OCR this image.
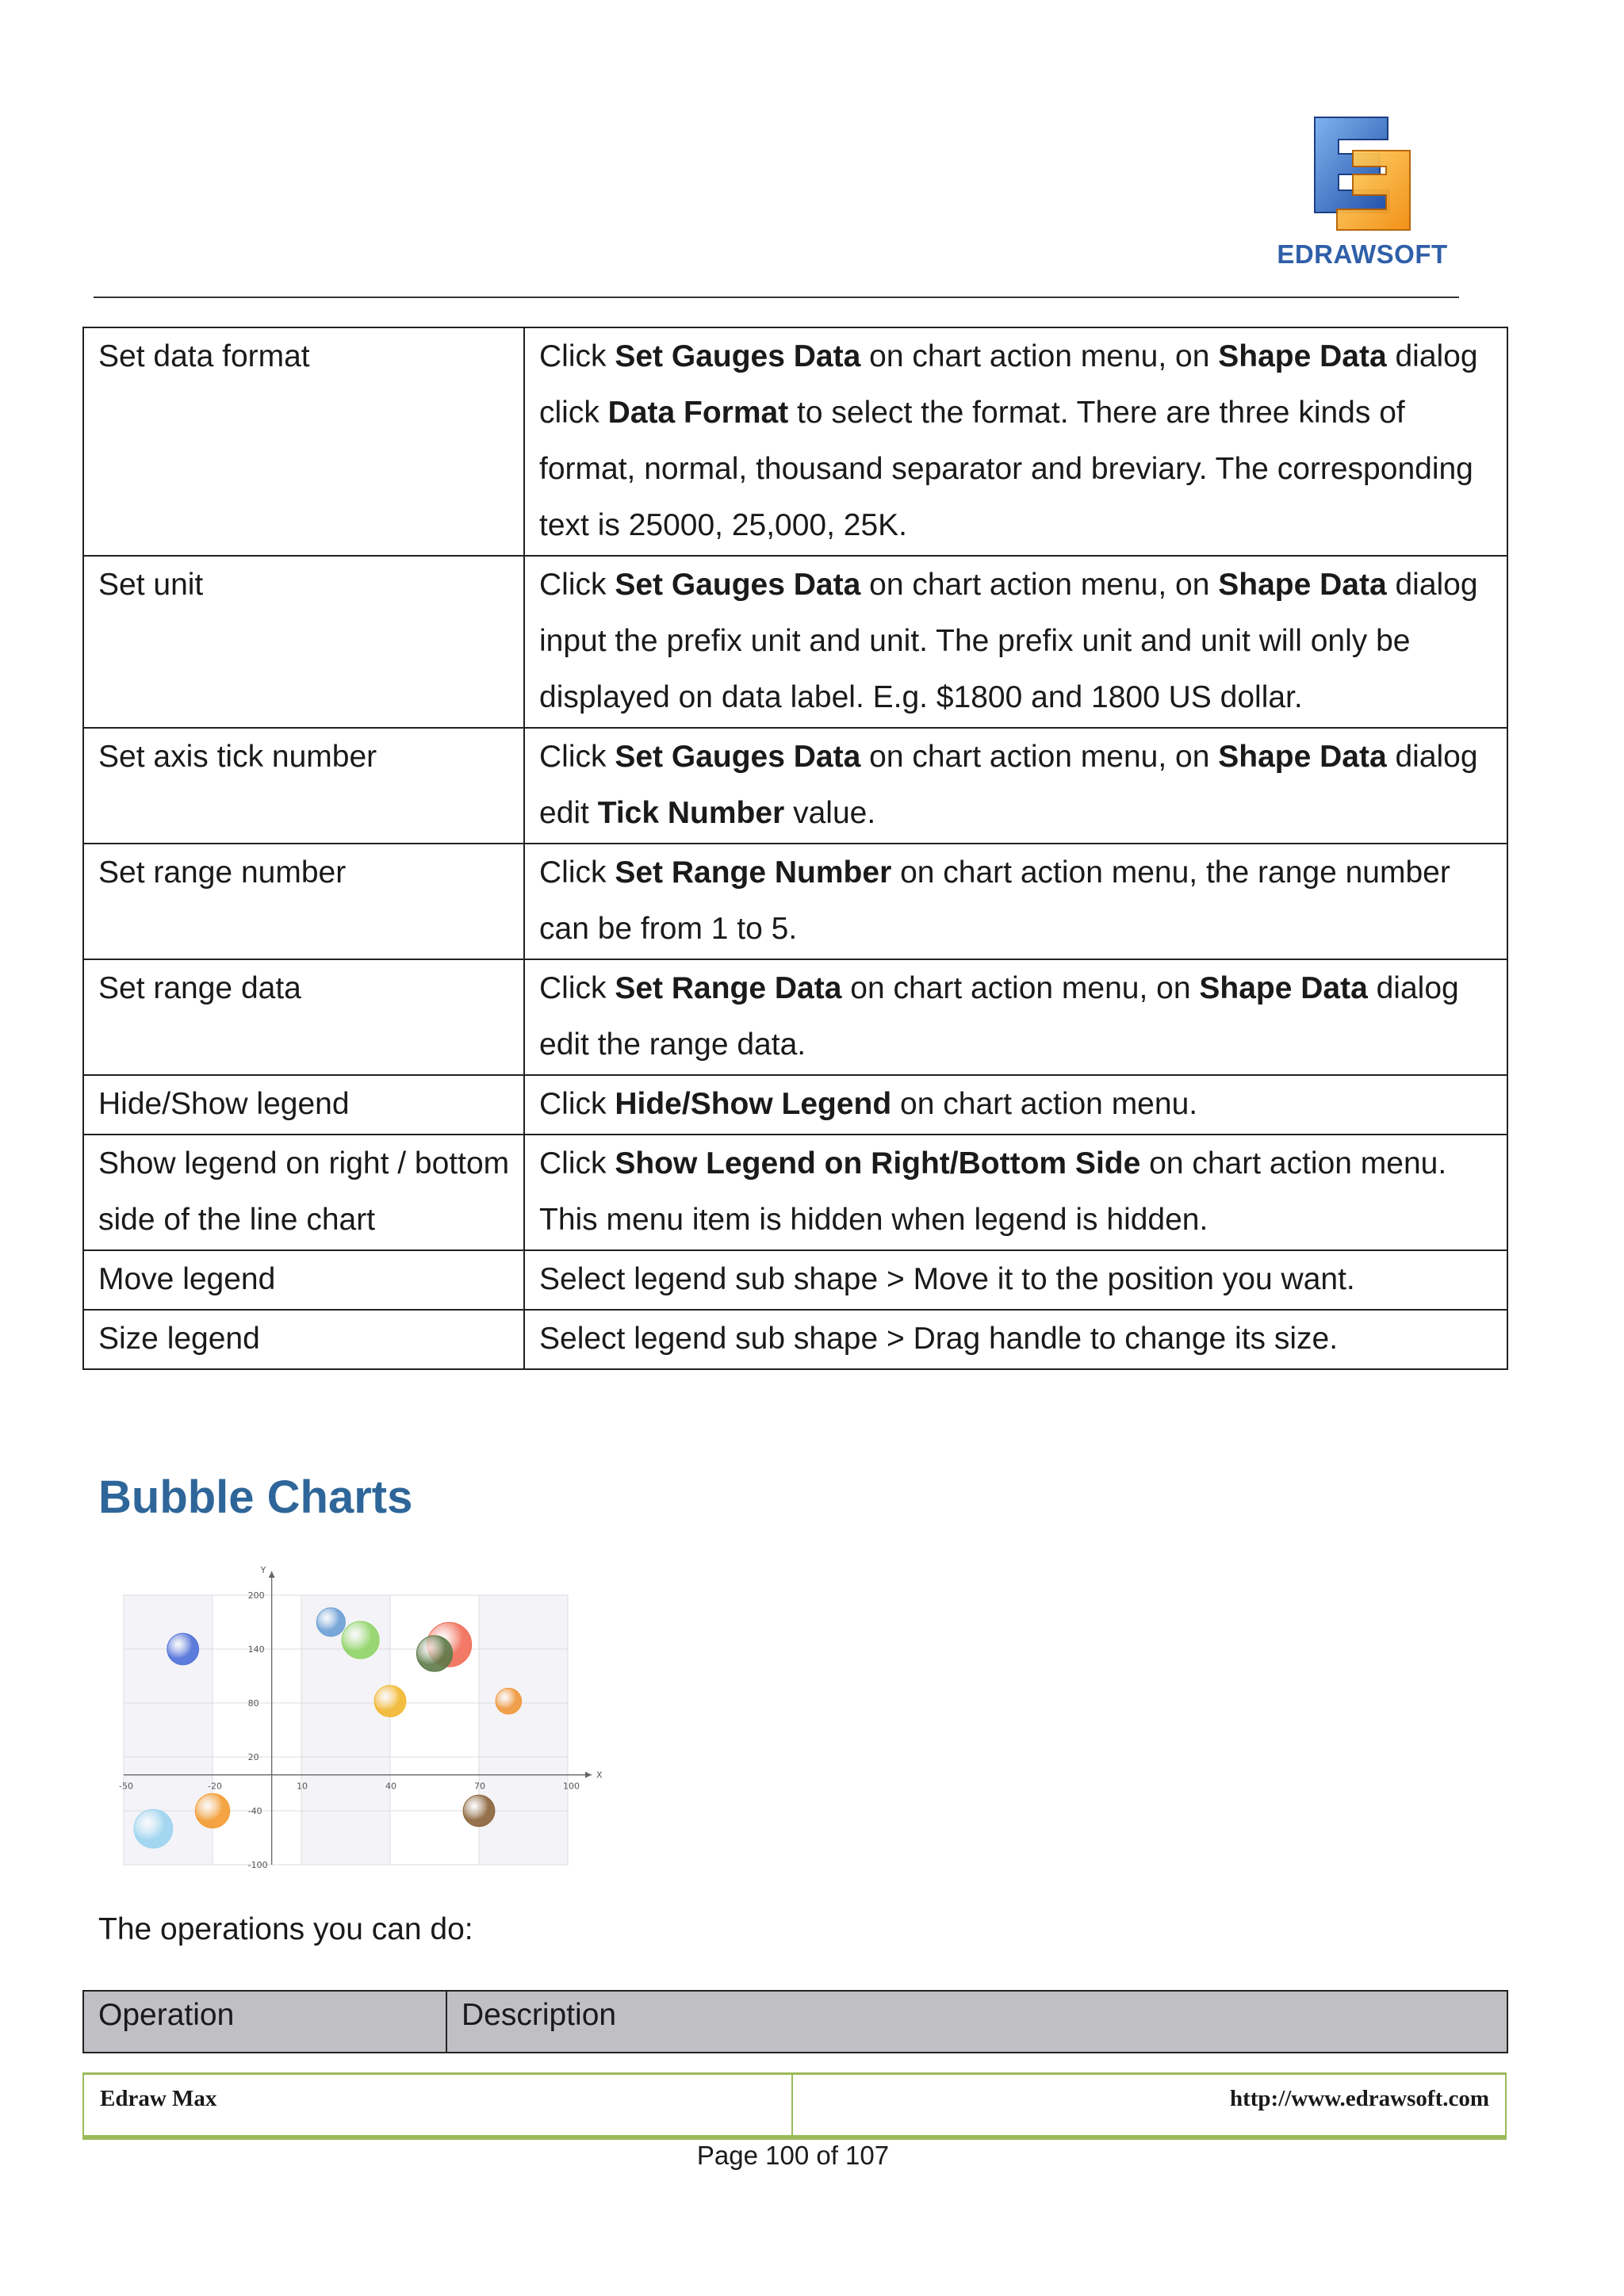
EDRAWSOFT
Set data format	Click Set Gauges Data on chart action menu, on Shape Data dialog click Data Format to select the format. There are three kinds of format, normal, thousand separator and breviary. The corresponding text is 25000, 25,000, 25K.
Set unit	Click Set Gauges Data on chart action menu, on Shape Data dialog input the prefix unit and unit. The prefix unit and unit will only be displayed on data label. E.g. $1800 and 1800 US dollar.
Set axis tick number	Click Set Gauges Data on chart action menu, on Shape Data dialog edit Tick Number value.
Set range number	Click Set Range Number on chart action menu, the range number can be from 1 to 5.
Set range data	Click Set Range Data on chart action menu, on Shape Data dialog edit the range data.
Hide/Show legend	Click Hide/Show Legend on chart action menu.
Show legend on right / bottom side of the line chart	Click Show Legend on Right/Bottom Side on chart action menu. This menu item is hidden when legend is hidden.
Move legend	Select legend sub shape > Move it to the position you want.
Size legend	Select legend sub shape > Drag handle to change its size.
Bubble Charts
X
Y
-50	-20	10	40	70	100
200
140
80
20
-40
-100
The operations you can do:
Operation	Description
Edraw Max	http://www.edrawsoft.com
Page 100 of 107
